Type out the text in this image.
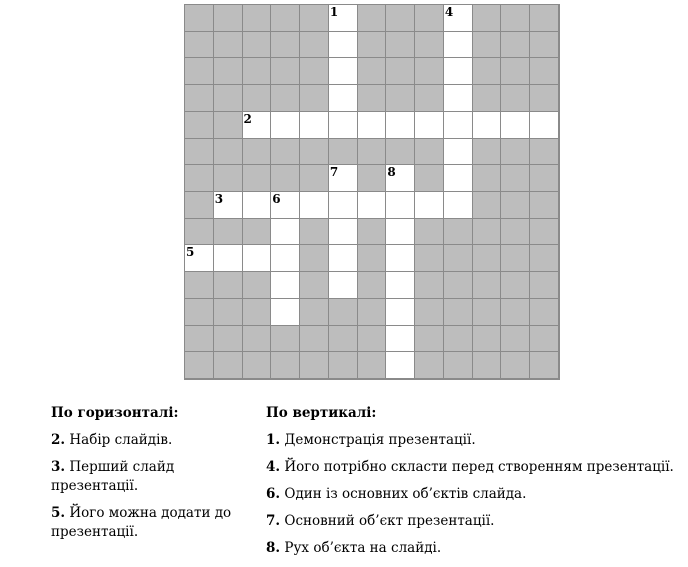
1	4
2
7	8
3	6
5
По горизонталі:
2. Набір слайдів.
3. Перший слайд презентації.
5. Його можна додати до презентації.
По вертикалі:
1. Демонстрація презентації.
4. Його потрібно скласти перед створенням презентації.
6. Один із основних об’єктів слайда.
7. Основний об’єкт презентації.
8. Рух об’єкта на слайді.
